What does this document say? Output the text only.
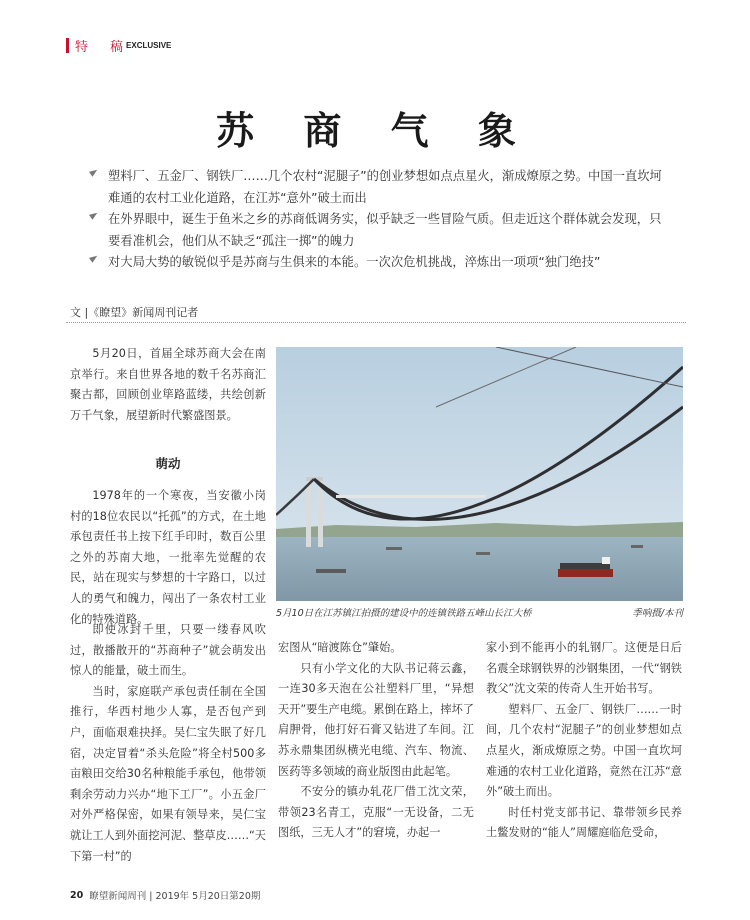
特 稿 EXCLUSIVE
苏 商 气 象
塑料厂、五金厂、钢铁厂……几个农村“泥腿子”的创业梦想如点点星火，渐成燎原之势。中国一直坎坷难通的农村工业化道路，在江苏“意外”破土而出
在外界眼中，诞生于鱼米之乡的苏商低调务实，似乎缺乏一些冒险气质。但走近这个群体就会发现，只要看准机会，他们从不缺乏“孤注一掷”的魄力
对大局大势的敏锐似乎是苏商与生俱来的本能。一次次危机挑战，淬炼出一项项“独门绝技”
文 |《瞭望》新闻周刊记者

5月20日，首届全球苏商大会在南京举行。来自世界各地的数千名苏商汇聚古都，回顾创业筚路蓝缕，共绘创新万千气象，展望新时代繁盛图景。

萌动

1978年的一个寒夜，当安徽小岗村的18位农民以“托孤”的方式，在土地承包责任书上按下红手印时，数百公里之外的苏南大地，一批率先觉醒的农民，站在现实与梦想的十字路口，以过人的勇气和魄力，闯出了一条农村工业化的特殊道路。	5月10日在江苏镇江拍摄的建设中的连镇铁路五峰山长江大桥	季响摄/本刊

即使冰封千里，只要一缕春风吹过，散播散开的“苏商种子”就会萌发出惊人的能量，破土而生。

当时，家庭联产承包责任制在全国推行，华西村地少人寡，是否包产到户，面临艰难抉择。吴仁宝失眠了好几宿，决定冒着“杀头危险”将全村500多亩粮田交给30名种粮能手承包，他带领剩余劳动力兴办“地下工厂”。小五金厂对外严格保密，如果有领导来，吴仁宝就让工人到外面挖河泥、整草皮……“天下第一村”的

宏图从“暗渡陈仓”肇始。

只有小学文化的大队书记蒋云鑫，一连30多天泡在公社塑料厂里，“异想天开”要生产电缆。累倒在路上，摔坏了肩胛骨，他打好石膏又钻进了车间。江苏永鼎集团纵横光电缆、汽车、物流、医药等多领域的商业版图由此起笔。

不安分的镇办轧花厂借工沈文荣，带领23名青工，克服“一无设备，二无图纸，三无人才”的窘境，办起一

家小到不能再小的轧钢厂。这便是日后名震全球钢铁界的沙钢集团，一代“钢铁教父”沈文荣的传奇人生开始书写。

塑料厂、五金厂、钢铁厂……一时间，几个农村“泥腿子”的创业梦想如点点星火，渐成燎原之势。中国一直坎坷难通的农村工业化道路，竟然在江苏“意外”破土而出。

时任村党支部书记、靠带领乡民养土鳖发财的“能人”周耀庭临危受命，

20 瞭望新闻周刊 | 2019年 5月20日第20期
